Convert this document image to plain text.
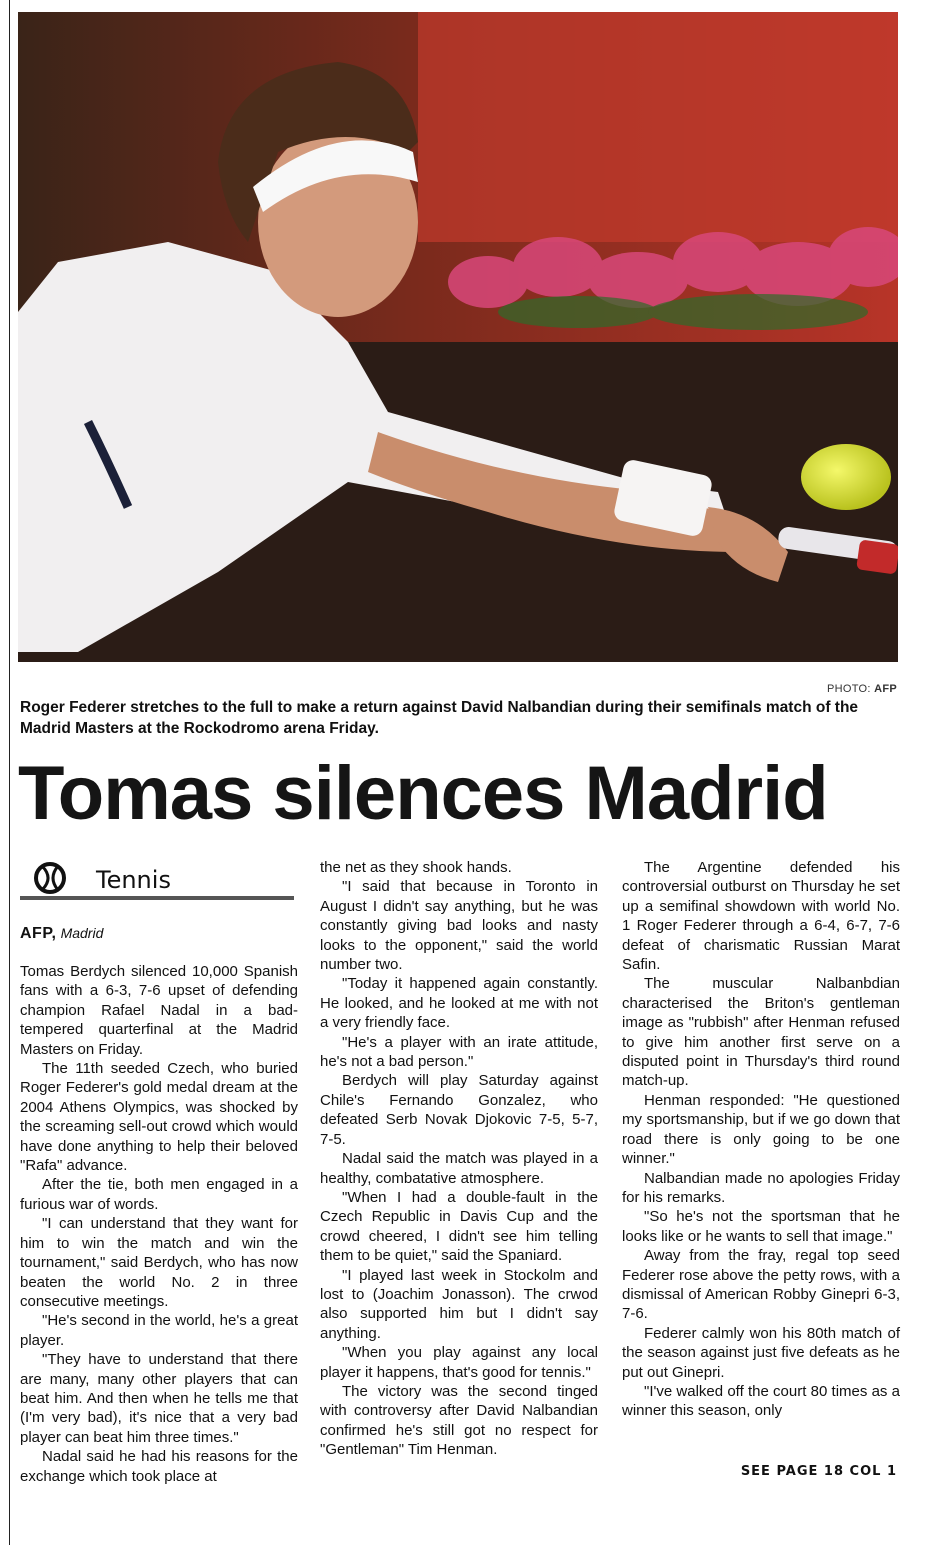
PHOTO: AFP
Roger Federer stretches to the full to make a return against David Nalbandian during their semifinals match of the Madrid Masters at the Rockodromo arena Friday.
Tomas silences Madrid
Tennis
AFP, Madrid

Tomas Berdych silenced 10,000 Spanish fans with a 6-3, 7-6 upset of defending champion Rafael Nadal in a bad-tempered quarterfinal at the Madrid Masters on Friday.

The 11th seeded Czech, who buried Roger Federer's gold medal dream at the 2004 Athens Olympics, was shocked by the screaming sell-out crowd which would have done anything to help their beloved "Rafa" advance.

After the tie, both men engaged in a furious war of words.

"I can understand that they want for him to win the match and win the tournament," said Berdych, who has now beaten the world No. 2 in three consecutive meetings.

"He's second in the world, he's a great player.

"They have to understand that there are many, many other players that can beat him. And then when he tells me that (I'm very bad), it's nice that a very bad player can beat him three times."

Nadal said he had his reasons for the exchange which took place at

the net as they shook hands.

"I said that because in Toronto in August I didn't say anything, but he was constantly giving bad looks and nasty looks to the opponent," said the world number two.

"Today it happened again constantly. He looked, and he looked at me with not a very friendly face.

"He's a player with an irate attitude, he's not a bad person."

Berdych will play Saturday against Chile's Fernando Gonzalez, who defeated Serb Novak Djokovic 7-5, 5-7, 7-5.

Nadal said the match was played in a healthy, combatative atmosphere.

"When I had a double-fault in the Czech Republic in Davis Cup and the crowd cheered, I didn't see him telling them to be quiet," said the Spaniard.

"I played last week in Stockolm and lost to (Joachim Jonasson). The crwod also supported him but I didn't say anything.

"When you play against any local player it happens, that's good for tennis."

The victory was the second tinged with controversy after David Nalbandian confirmed he's still got no respect for "Gentleman" Tim Henman.

The Argentine defended his controversial outburst on Thursday he set up a semifinal showdown with world No. 1 Roger Federer through a 6-4, 6-7, 7-6 defeat of charismatic Russian Marat Safin.

The muscular Nalbanbdian characterised the Briton's gentleman image as "rubbish" after Henman refused to give him another first serve on a disputed point in Thursday's third round match-up.

Henman responded: "He questioned my sportsmanship, but if we go down that road there is only going to be one winner."

Nalbandian made no apologies Friday for his remarks.

"So he's not the sportsman that he looks like or he wants to sell that image."

Away from the fray, regal top seed Federer rose above the petty rows, with a dismissal of American Robby Ginepri 6-3, 7-6.

Federer calmly won his 80th match of the season against just five defeats as he put out Ginepri.

"I've walked off the court 80 times as a winner this season, only

SEE PAGE 18 COL 1
